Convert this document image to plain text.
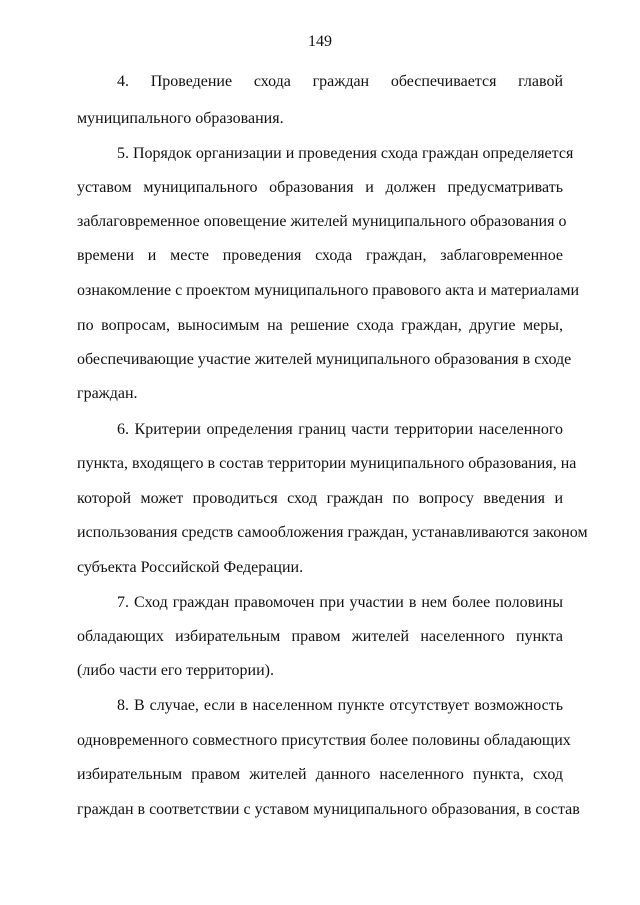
149
4. Проведение схода граждан обеспечивается главой
муниципального образования.
5. Порядок организации и проведения схода граждан определяется
уставом муниципального образования и должен предусматривать
заблаговременное оповещение жителей муниципального образования о
времени и месте проведения схода граждан, заблаговременное
ознакомление с проектом муниципального правового акта и материалами
по вопросам, выносимым на решение схода граждан, другие меры,
обеспечивающие участие жителей муниципального образования в сходе
граждан.
6. Критерии определения границ части территории населенного
пункта, входящего в состав территории муниципального образования, на
которой может проводиться сход граждан по вопросу введения и
использования средств самообложения граждан, устанавливаются законом
субъекта Российской Федерации.
7. Сход граждан правомочен при участии в нем более половины
обладающих избирательным правом жителей населенного пункта
(либо части его территории).
8. В случае, если в населенном пункте отсутствует возможность
одновременного совместного присутствия более половины обладающих
избирательным правом жителей данного населенного пункта, сход
граждан в соответствии с уставом муниципального образования, в состав
